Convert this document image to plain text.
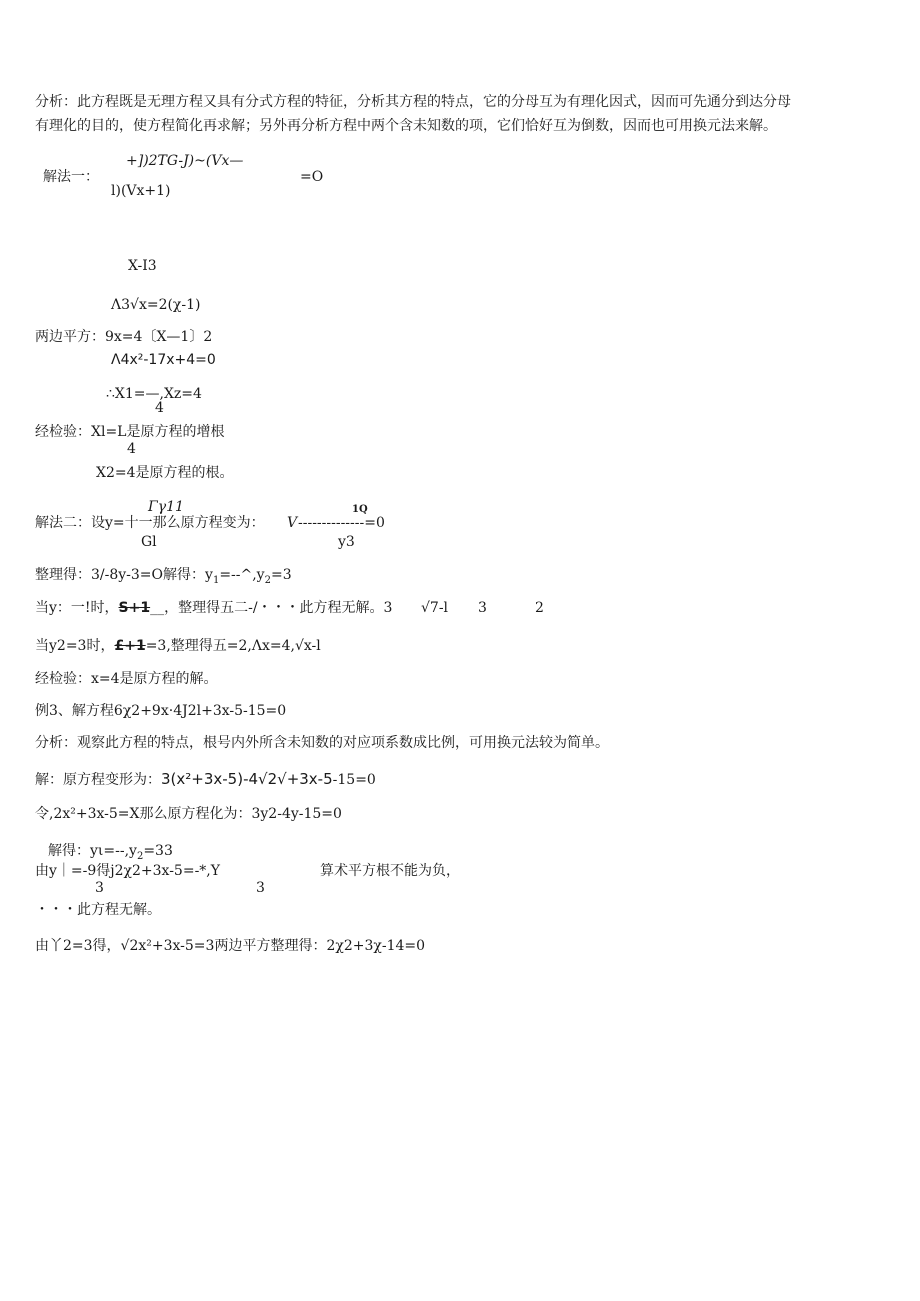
分析：此方程既是无理方程又具有分式方程的特征，分析其方程的特点，它的分母互为有理化因式，因而可先通分到达分母
有理化的目的，使方程简化再求解；另外再分析方程中两个含未知数的项，它们恰好互为倒数，因而也可用换元法来解。
解法一：
+])2TG-J)~(Vx—
l)(Vx+1)
=O
X-I3
Λ3√x=2(χ-1)
两边平方：9x=4〔X—1〕2
Λ4x²-17x+4=0
∴X1=—,Xz=4
4
经检验：Xl=L是原方程的增根
4
X2=4是原方程的根。
Γγ11	1Q
解法二：设y=十一那么原方程变为： V --------------=0
Gl	y3
整理得：3/-8y-3=O解得：$y_1=--\^{},y_2=3$
当y：一!时，S+1__，整理得五二-/・・・此方程无解。3 √7-l 3	2
当y2=3时，£+1=3,整理得五=2,Λx=4,√x-l
经检验：x=4是原方程的解。
例3、解方程6χ2+9x·4J2l+3x-5-15=0
分析：观察此方程的特点，根号内外所含未知数的对应项系数成比例，可用换元法较为简单。
解：原方程变形为：3(x²+3x-5)-4√2√+3x-5-15=0
令,2x²+3x-5=X那么原方程化为：3y2-4y-15=0
解得：$y\iota=--,y_2=33$
由y｜=-9得j2χ2+3x-5=-*,Y	算术平方根不能为负，
3	3
・・・此方程无解。
由丫2=3得，√2x²+3x-5=3两边平方整理得：2χ2+3χ-14=0
